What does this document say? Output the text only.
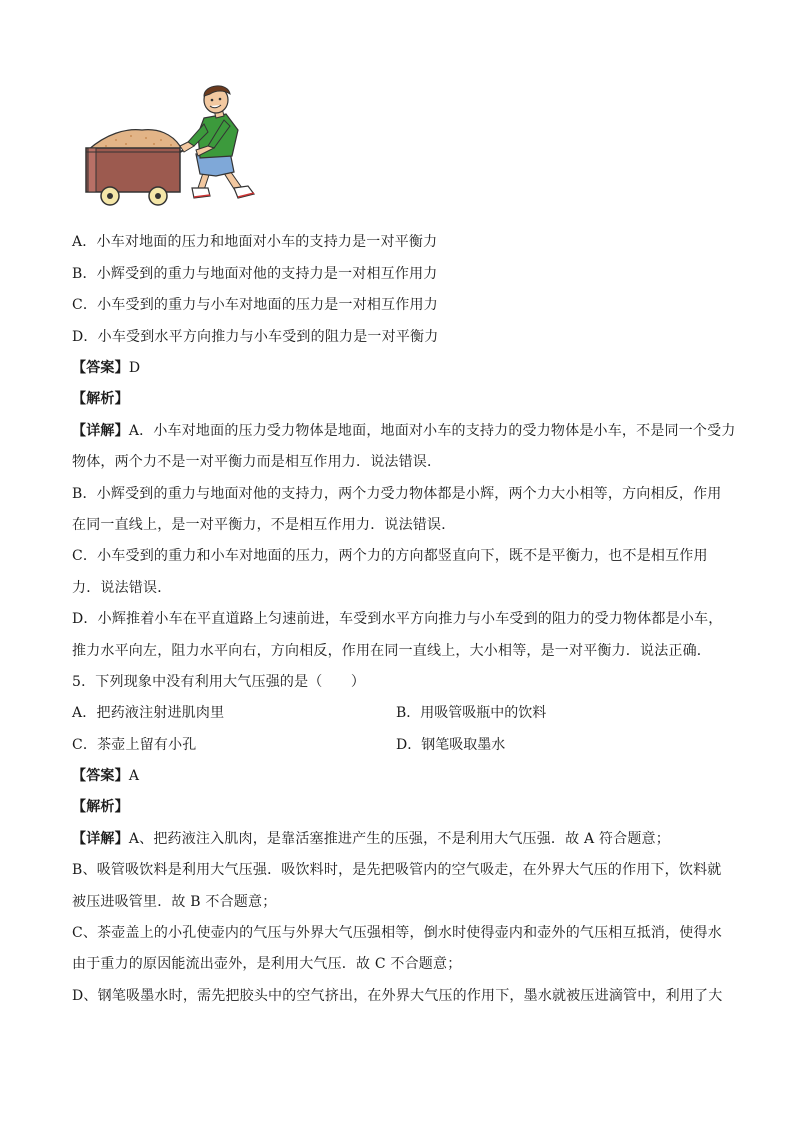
A．小车对地面的压力和地面对小车的支持力是一对平衡力
B．小辉受到的重力与地面对他的支持力是一对相互作用力
C．小车受到的重力与小车对地面的压力是一对相互作用力
D．小车受到水平方向推力与小车受到的阻力是一对平衡力
【答案】D
【解析】
【详解】A．小车对地面的压力受力物体是地面，地面对小车的支持力的受力物体是小车，不是同一个受力
物体，两个力不是一对平衡力而是相互作用力．说法错误．
B．小辉受到的重力与地面对他的支持力，两个力受力物体都是小辉，两个力大小相等，方向相反，作用
在同一直线上，是一对平衡力，不是相互作用力．说法错误．
C．小车受到的重力和小车对地面的压力，两个力的方向都竖直向下，既不是平衡力，也不是相互作用
力．说法错误．
D．小辉推着小车在平直道路上匀速前进，车受到水平方向推力与小车受到的阻力的受力物体都是小车，
推力水平向左，阻力水平向右，方向相反，作用在同一直线上，大小相等，是一对平衡力．说法正确．
5．下列现象中没有利用大气压强的是（　　）
A．把药液注射进肌肉里	B．用吸管吸瓶中的饮料
C．茶壶上留有小孔	D．钢笔吸取墨水
【答案】A
【解析】
【详解】A、把药液注入肌肉，是靠活塞推进产生的压强，不是利用大气压强．故 A 符合题意；
B、吸管吸饮料是利用大气压强．吸饮料时，是先把吸管内的空气吸走，在外界大气压的作用下，饮料就
被压进吸管里．故 B 不合题意；
C、茶壶盖上的小孔使壶内的气压与外界大气压强相等，倒水时使得壶内和壶外的气压相互抵消，使得水
由于重力的原因能流出壶外，是利用大气压．故 C 不合题意；
D、钢笔吸墨水时，需先把胶头中的空气挤出，在外界大气压的作用下，墨水就被压进滴管中，利用了大
